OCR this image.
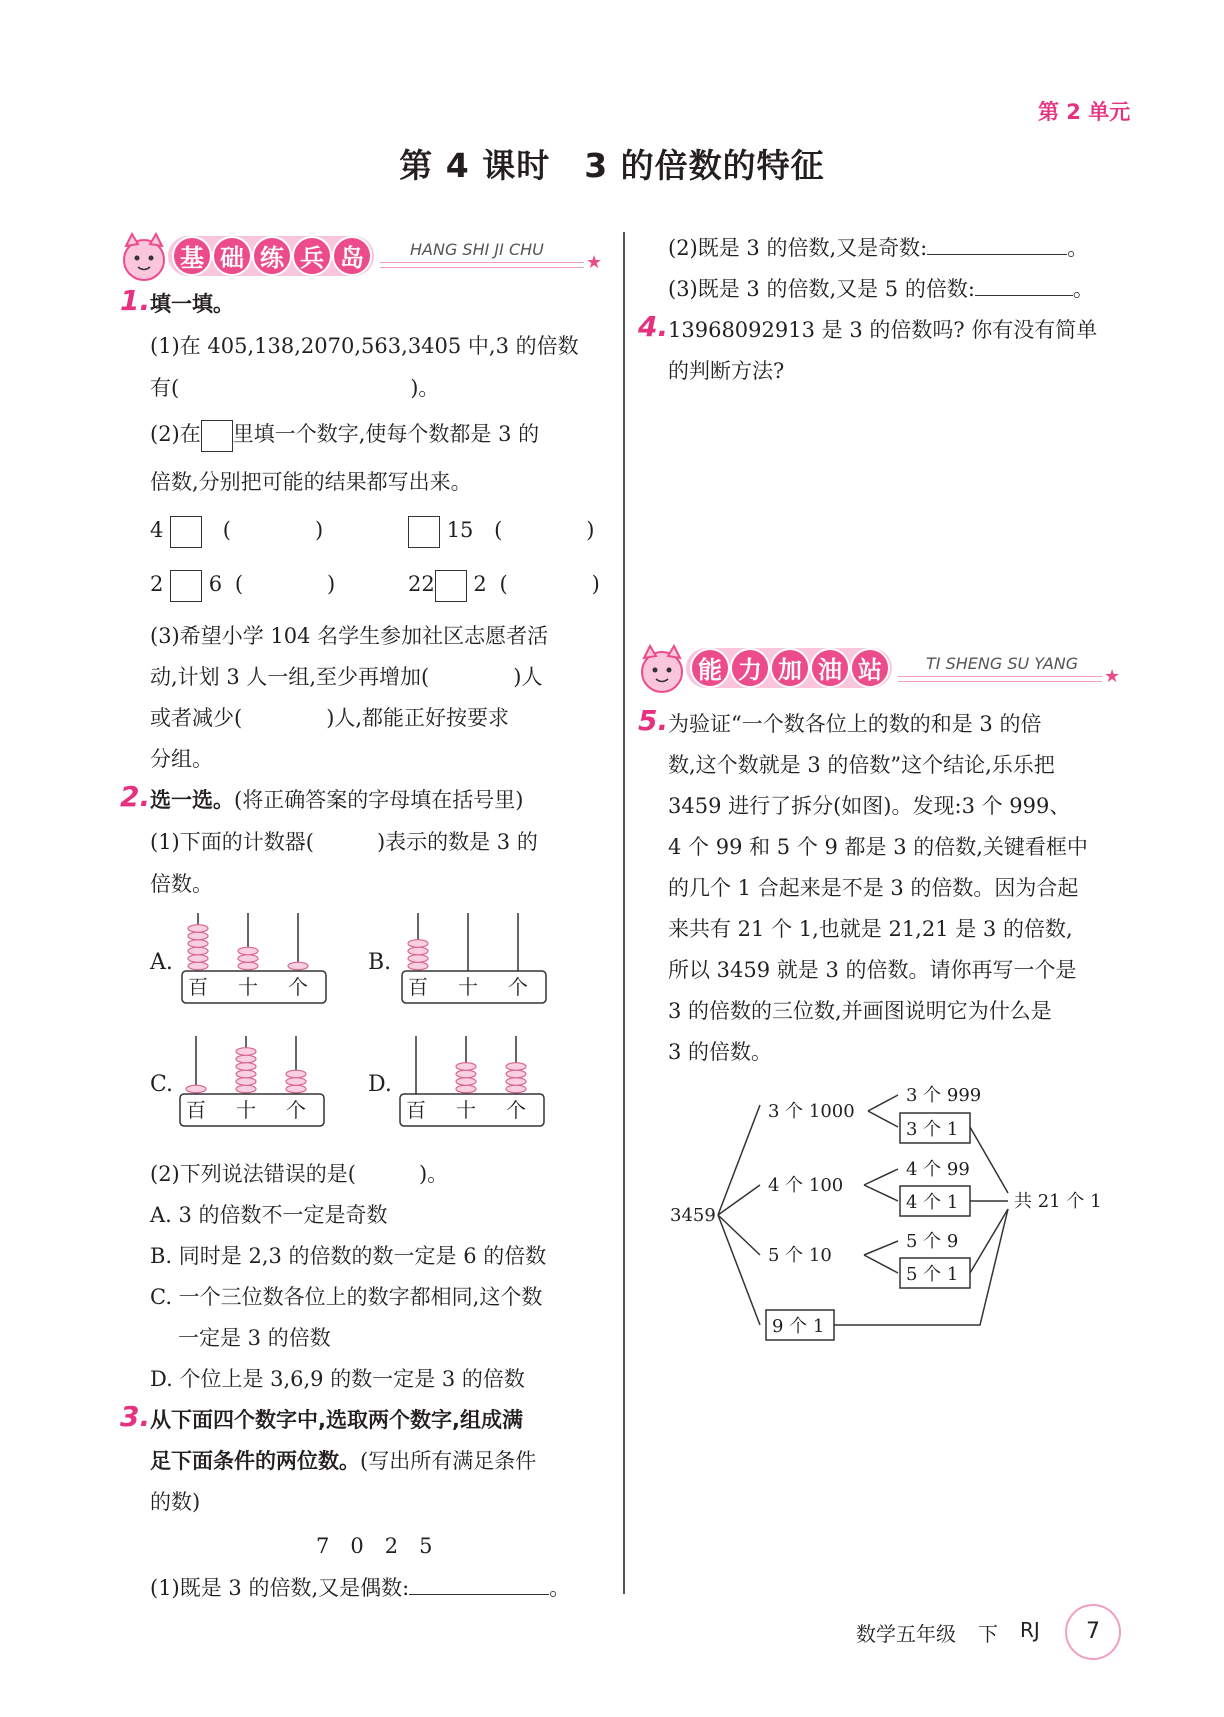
第 2 单元
第 4 课时　3 的倍数的特征
基 础 练 兵 岛	HANG SHI JI CHU
★
1. 填一填。
(1)在 405,138,2070,563,3405 中,3 的倍数
有(　　　　　　　　　　　)。
(2)在 里填一个数字,使每个数都是 3 的
倍数,分别把可能的结果都写出来。
4	(　　　　)	15 (　　　　)
2 6 (　　　　)	22 2 (　　　　)
(3)希望小学 104 名学生参加社区志愿者活
动,计划 3 人一组,至少再增加(　　　　)人
或者减少(　　　　)人,都能正好按要求
分组。
2. 选一选。(将正确答案的字母填在括号里)
(1)下面的计数器(　　　)表示的数是 3 的
倍数。
A.	B.
C.	D.
百 十 个	百 十 个
百 十 个	百 十 个
(2)下列说法错误的是(　　　)。
A. 3 的倍数不一定是奇数
B. 同时是 2,3 的倍数的数一定是 6 的倍数
C. 一个三位数各位上的数字都相同,这个数
一定是 3 的倍数
D. 个位上是 3,6,9 的数一定是 3 的倍数
3. 从下面四个数字中,选取两个数字,组成满
足下面条件的两位数。(写出所有满足条件
的数)
7　0　2　5
(1)既是 3 的倍数,又是偶数:	。
(2)既是 3 的倍数,又是奇数:	。
(3)既是 3 的倍数,又是 5 的倍数:	。
4. 13968092913 是 3 的倍数吗? 你有没有简单
的判断方法?
能 力 加 油 站	TI SHENG SU YANG
★
5. 为验证“一个数各位上的数的和是 3 的倍
数,这个数就是 3 的倍数”这个结论,乐乐把
3459 进行了拆分(如图)。发现:3 个 999、
4 个 99 和 5 个 9 都是 3 的倍数,关键看框中
的几个 1 合起来是不是 3 的倍数。因为合起
来共有 21 个 1,也就是 21,21 是 3 的倍数,
所以 3459 就是 3 的倍数。请你再写一个是
3 的倍数的三位数,并画图说明它为什么是
3 的倍数。
3459
3 个 1000
3 个 999
3 个 1
4 个 100
4 个 99
4 个 1
5 个 10
5 个 9
5 个 1
9 个 1
共 21 个 1
数学五年级 下 RJ	7
